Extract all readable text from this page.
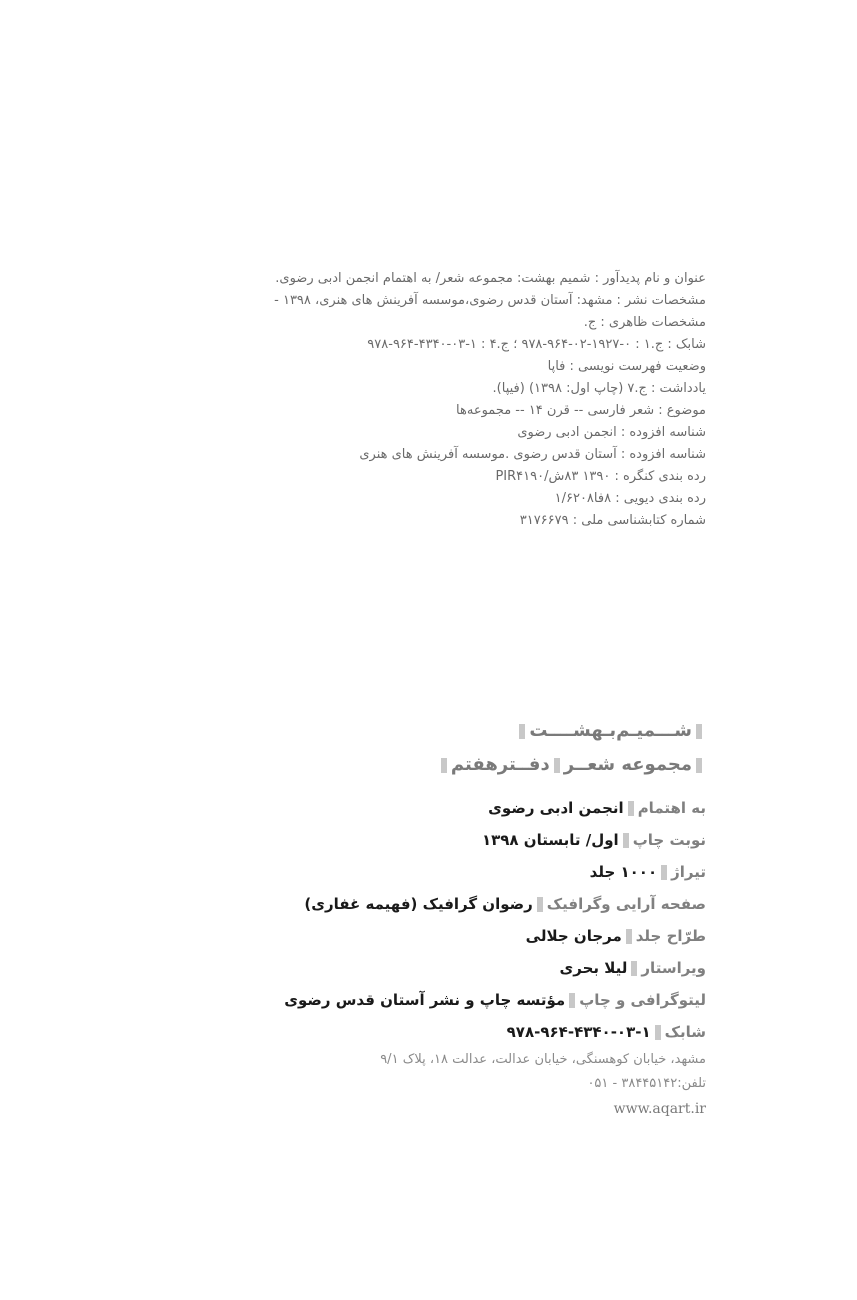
عنوان و نام پدیدآور : شمیم بهشت: مجموعه شعر/ به اهتمام انجمن ادبی رضوی.
مشخصات نشر : مشهد: آستان قدس رضوی،موسسه آفرینش های هنری، ۱۳۹۸ -
مشخصات ظاهری : ج.
شابک : ج.۱ : ۰-۱۹۲۷-۰۲-۹۶۴-۹۷۸ ؛ ج.۴ : ۱-۰۳-۴۳۴۰-۹۶۴-۹۷۸
وضعیت فهرست نویسی : فاپا
یادداشت : ج.۷ (چاپ اول: ۱۳۹۸) (فیپا).
موضوع : شعر فارسی -- قرن ۱۴ -- مجموعه‌ها
شناسه افزوده : انجمن ادبی رضوی
شناسه افزوده : آستان قدس رضوی .موسسه آفرینش های هنری
رده بندی کنگره : ۱۳۹۰ ۸۳ش/PIR۴۱۹۰
رده بندی دیویی : ۸فا۱/۶۲۰۸
شماره کتابشناسی ملی : ۳۱۷۶۶۷۹
شـــمیـم‌بـهشــــت
مجموعه شعــردفــترهفتم
به اهتمامانجمن ادبی رضوی
نوبت چاپاول/ تابستان ۱۳۹۸
تیراژ۱۰۰۰ جلد
صفحه آرایی وگرافیکرضوان گرافیک (فهیمه غفاری)
طرّاح جلدمرجان جلالی
ویراستارلیلا بحری
لیتوگرافی و چاپمؤتسه چاپ و نشر آستان قدس رضوی
شابک۱-۰۳-۴۳۴۰-۹۶۴-۹۷۸
مشهد، خیابان کوهسنگی، خیابان عدالت، عدالت ۱۸، پلاک ۹/۱
تلفن:۳۸۴۴۵۱۴۲ - ۰۵۱
www.aqart.ir
